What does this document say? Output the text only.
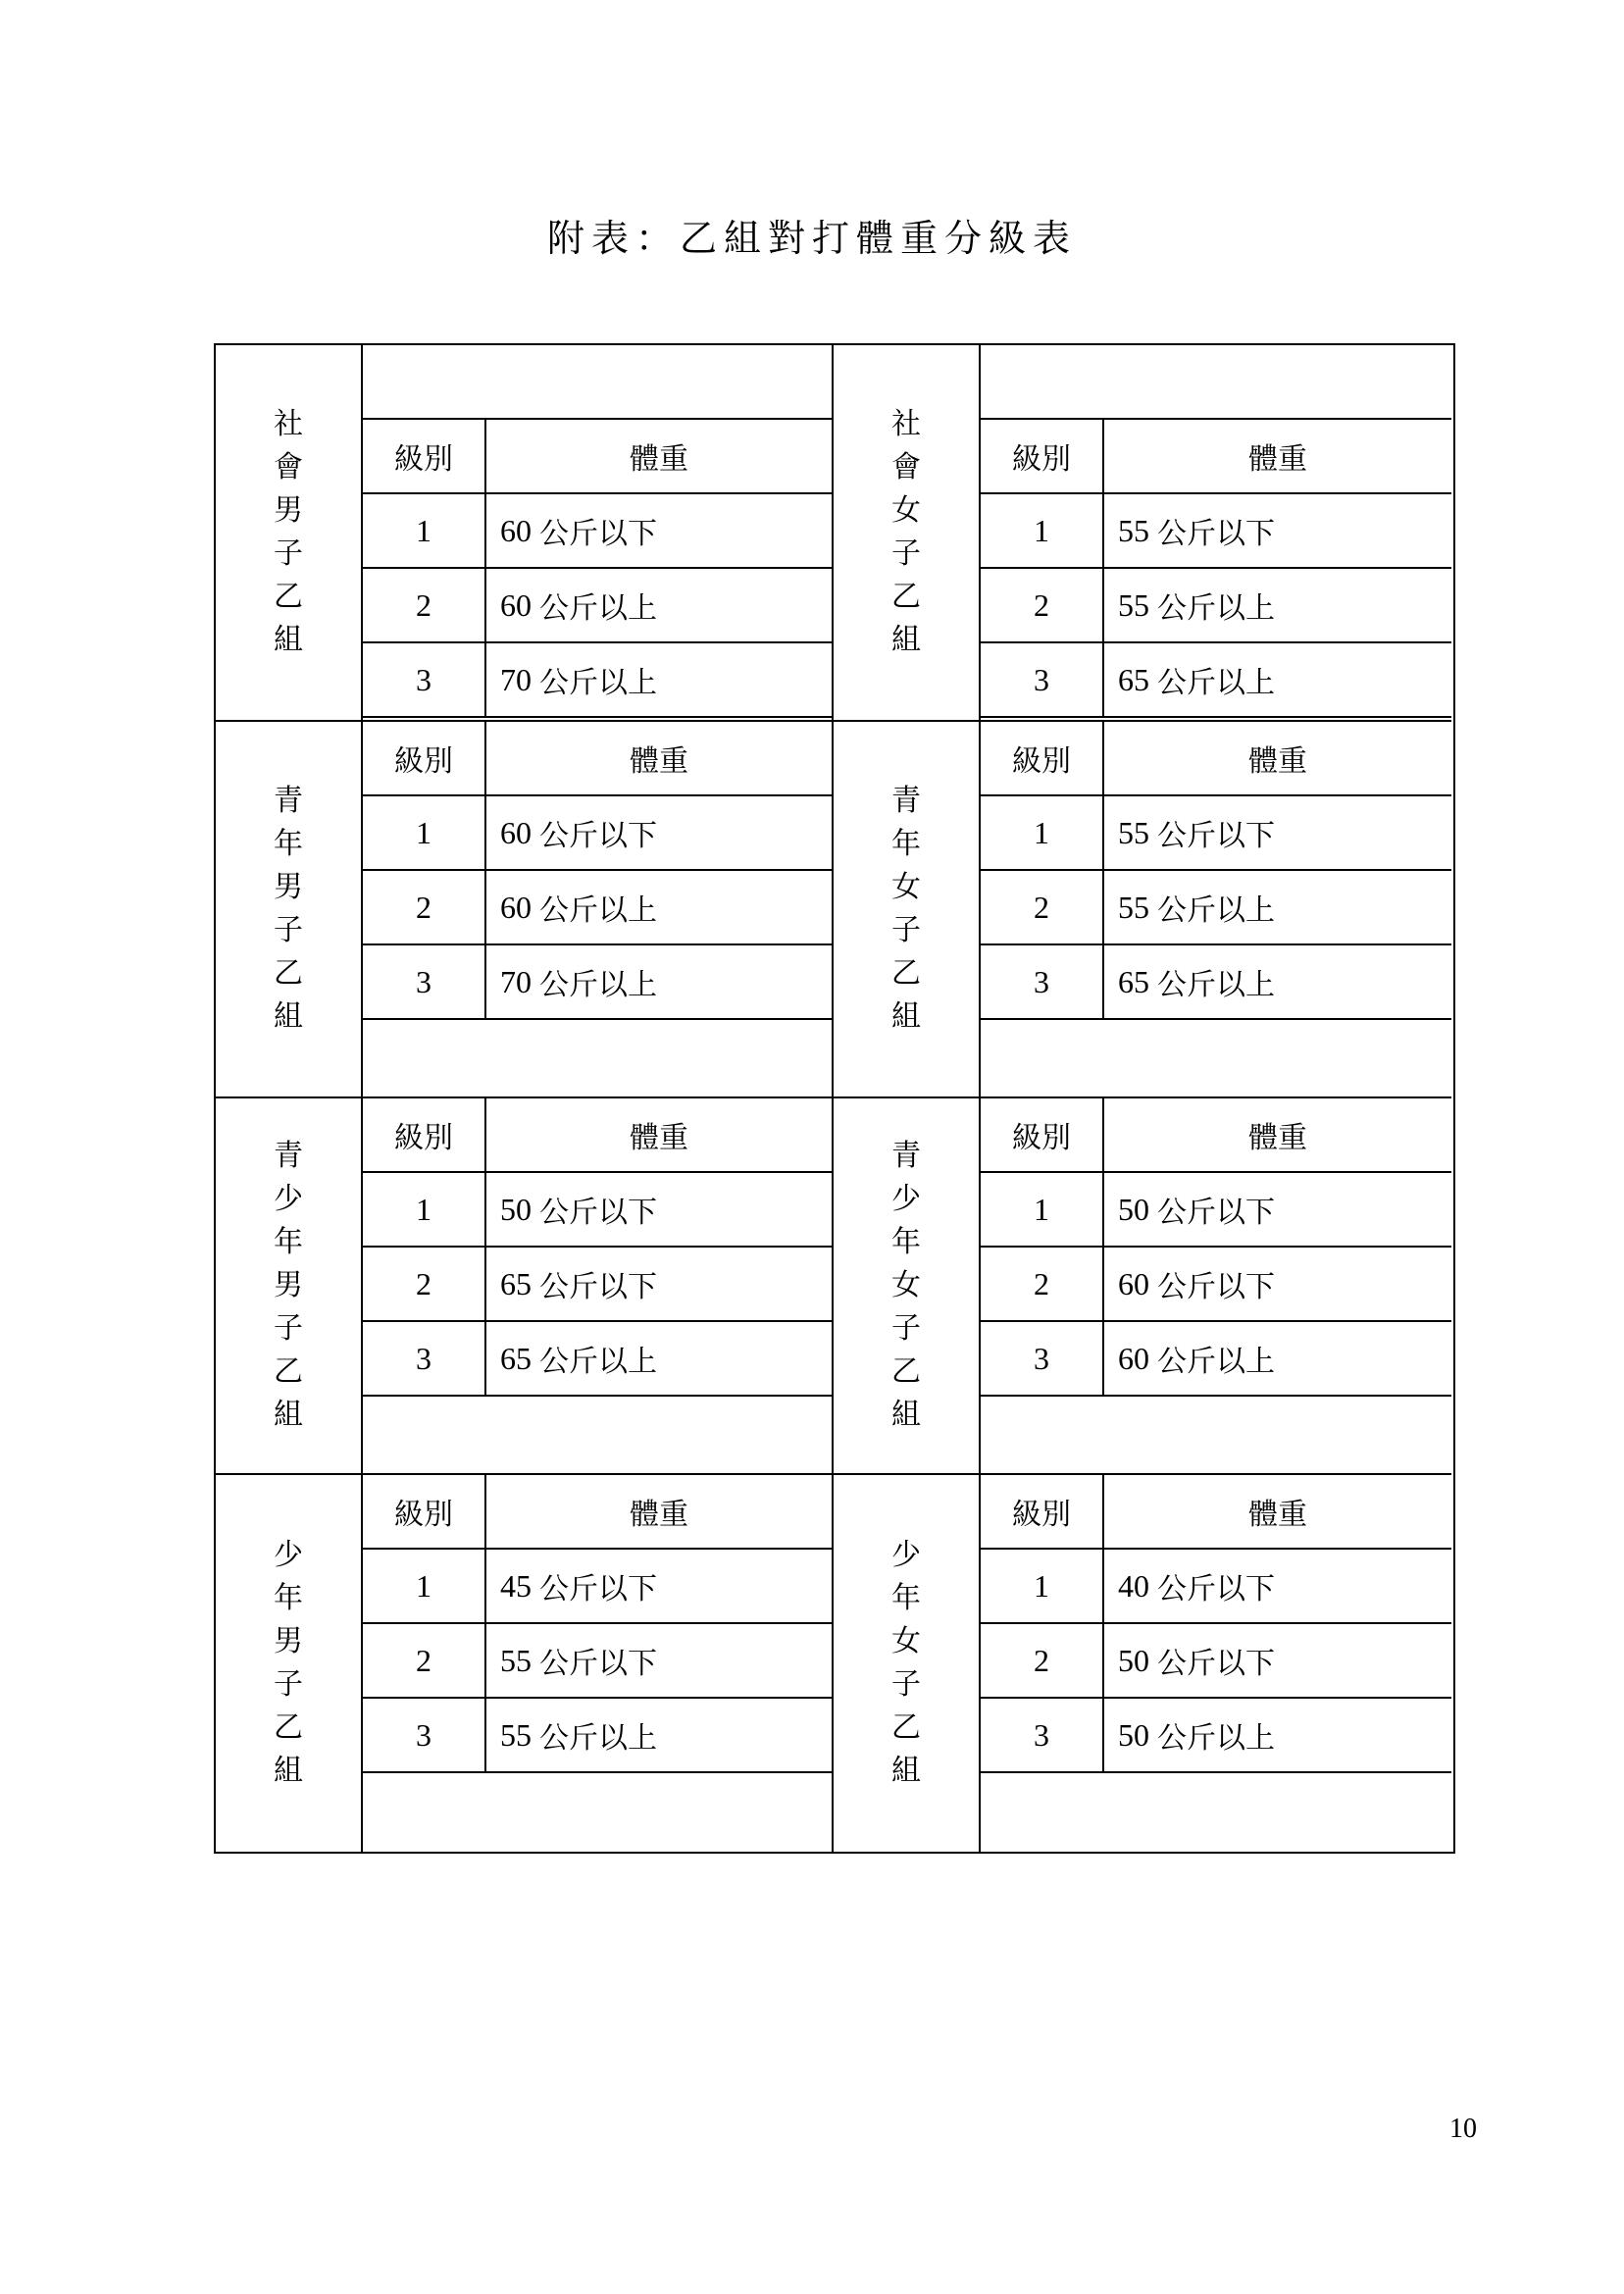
附表：乙組對打體重分級表
社會男子乙組
級別	體重
1	60 公斤以下
2	60 公斤以上
3	70 公斤以上
社會女子乙組
級別	體重
1	55 公斤以下
2	55 公斤以上
3	65 公斤以上
青年男子乙組
級別	體重
1	60 公斤以下
2	60 公斤以上
3	70 公斤以上
青年女子乙組
級別	體重
1	55 公斤以下
2	55 公斤以上
3	65 公斤以上
青少年男子乙組
級別	體重
1	50 公斤以下
2	65 公斤以下
3	65 公斤以上
青少年女子乙組
級別	體重
1	50 公斤以下
2	60 公斤以下
3	60 公斤以上
少年男子乙組
級別	體重
1	45 公斤以下
2	55 公斤以下
3	55 公斤以上
少年女子乙組
級別	體重
1	40 公斤以下
2	50 公斤以下
3	50 公斤以上
10
